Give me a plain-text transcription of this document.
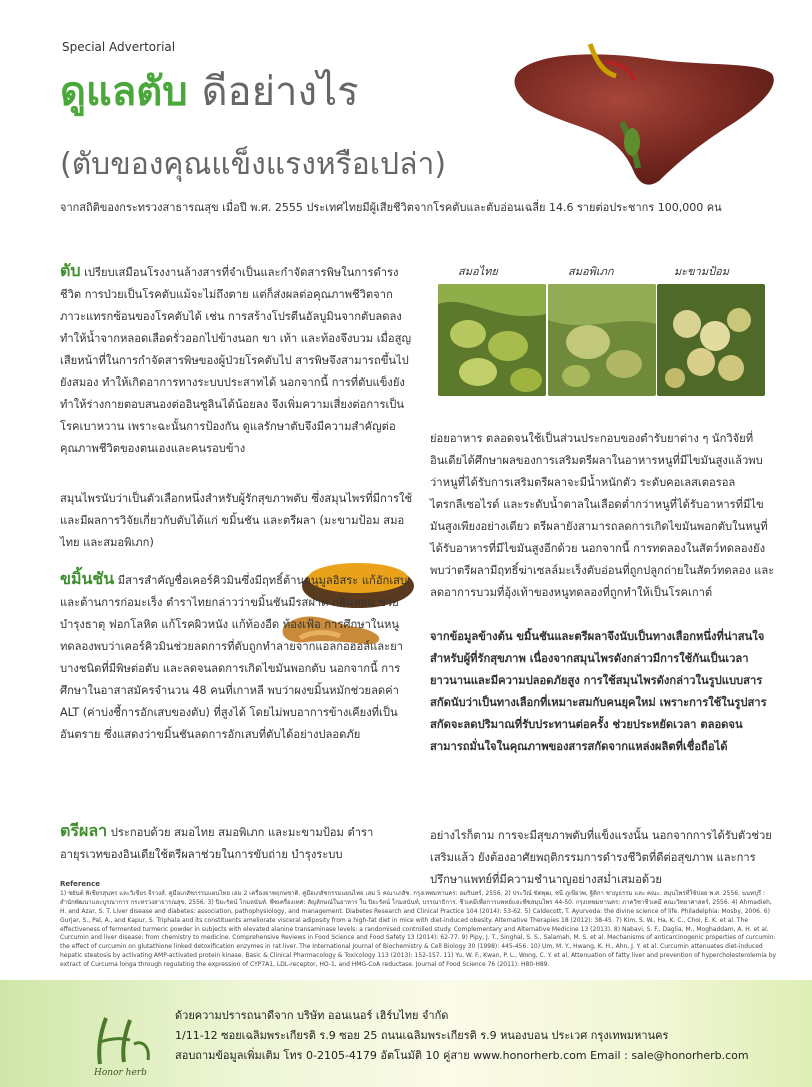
Special Advertorial
ดูแลตับ ดีอย่างไร
(ตับของคุณแข็งแรงหรือเปล่า)
จากสถิติของกระทรวงสาธารณสุข เมื่อปี พ.ศ. 2555 ประเทศไทยมีผู้เสียชีวิตจากโรคตับและตับอ่อนเฉลี่ย 14.6 รายต่อประชากร 100,000 คน
ตับ เปรียบเสมือนโรงงานล้างสารที่จำเป็นและกำจัดสารพิษในการดำรงชีวิต การป่วยเป็นโรคตับแม้จะไม่ถึงตาย แต่ก็ส่งผลต่อคุณภาพชีวิตจากภาวะแทรกซ้อนของโรคตับได้ เช่น การสร้างโปรตีนอัลบูมินจากตับลดลง ทำให้น้ำจากหลอดเลือดรั่วออกไปข้างนอก ขา เท้า และท้องจึงบวม เมื่อสูญเสียหน้าที่ในการกำจัดสารพิษของผู้ป่วยโรคตับไป สารพิษจึงสามารถขึ้นไปยังสมอง ทำให้เกิดอาการทางระบบประสาทได้ นอกจากนี้ การที่ตับแข็งยังทำให้ร่างกายตอบสนองต่ออินซูลินได้น้อยลง จึงเพิ่มความเสี่ยงต่อการเป็นโรคเบาหวาน เพราะฉะนั้นการป้องกัน ดูแลรักษาตับจึงมีความสำคัญต่อคุณภาพชีวิตของตนเองและคนรอบข้าง
สมุนไพรนับว่าเป็นตัวเลือกหนึ่งสำหรับผู้รักสุขภาพตับ ซึ่งสมุนไพรที่มีการใช้และมีผลการวิจัยเกี่ยวกับตับได้แก่ ขมิ้นชัน และตรีผลา (มะขามป้อม สมอไทย และสมอพิเภก)
ขมิ้นชัน มีสารสำคัญชื่อเคอร์คิวมินซึ่งมีฤทธิ์ต้านอนุมูลอิสระ แก้อักเสบและต้านการก่อมะเร็ง ตำราไทยกล่าวว่าขมิ้นชันมีรสฝาด กลิ่นหอม ช่วยบำรุงธาตุ ฟอกโลหิต แก้โรคผิวหนัง แก้ท้องอืด ท้องเฟ้อ การศึกษาในหนูทดลองพบว่าเคอร์คิวมินช่วยลดการที่ตับถูกทำลายจากแอลกอฮอล์และยาบางชนิดที่มีพิษต่อตับ และลดจนลดการเกิดไขมันพอกตับ นอกจากนี้ การศึกษาในอาสาสมัครจำนวน 48 คนที่เกาหลี พบว่าผงขมิ้นหมักช่วยลดค่า ALT (ค่าบ่งชี้การอักเสบของตับ) ที่สูงได้ โดยไม่พบอาการข้างเคียงที่เป็นอันตราย ซึ่งแสดงว่าขมิ้นชันลดการอักเสบที่ตับได้อย่างปลอดภัย
ตรีผลา ประกอบด้วย สมอไทย สมอพิเภก และมะขามป้อม ตำราอายุรเวทของอินเดียใช้ตรีผลาช่วยในการขับถ่าย บำรุงระบบ
สมอไทย	สมอพิเภก	มะขามป้อม
ย่อยอาหาร ตลอดจนใช้เป็นส่วนประกอบของตำรับยาต่าง ๆ นักวิจัยที่อินเดียได้ศึกษาผลของการเสริมตรีผลาในอาหารหนูที่มีไขมันสูงแล้วพบว่าหนูที่ได้รับการเสริมตรีผลาจะมีน้ำหนักตัว ระดับคอเลสเตอรอล ไตรกลีเซอไรด์ และระดับน้ำตาลในเลือดต่ำกว่าหนูที่ได้รับอาหารที่มีไขมันสูงเพียงอย่างเดียว ตรีผลายังสามารถลดการเกิดไขมันพอกตับในหนูที่ได้รับอาหารที่มีไขมันสูงอีกด้วย นอกจากนี้ การทดลองในสัตว์ทดลองยังพบว่าตรีผลามีฤทธิ์ฆ่าเซลล์มะเร็งตับอ่อนที่ถูกปลูกถ่ายในสัตว์ทดลอง และลดอาการบวมที่อุ้งเท้าของหนูทดลองที่ถูกทำให้เป็นโรคเกาต์
จากข้อมูลข้างต้น ขมิ้นชันและตรีผลาจึงนับเป็นทางเลือกหนึ่งที่น่าสนใจสำหรับผู้ที่รักสุขภาพ เนื่องจากสมุนไพรดังกล่าวมีการใช้กันเป็นเวลายาวนานและมีความปลอดภัยสูง การใช้สมุนไพรดังกล่าวในรูปแบบสารสกัดนับว่าเป็นทางเลือกที่เหมาะสมกับคนยุคใหม่ เพราะการใช้ในรูปสารสกัดจะลดปริมาณที่รับประทานต่อครั้ง ช่วยประหยัดเวลา ตลอดจนสามารถมั่นใจในคุณภาพของสารสกัดจากแหล่งผลิตที่เชื่อถือได้
อย่างไรก็ตาม การจะมีสุขภาพตับที่แข็งแรงนั้น นอกจากการได้รับตัวช่วยเสริมแล้ว ยังต้องอาศัยพฤติกรรมการดำรงชีวิตที่ดีต่อสุขภาพ และการปรึกษาแพทย์ที่มีความชำนาญอย่างสม่ำเสมอด้วย
Reference
1) ชยันต์ พิเชียรสุนทร และวิเชียร จีรวงส์. คู่มือเภสัชกรรมแผนไทย เล่ม 2 เครื่องยาพฤกษชาติ. คู่มือเภสัชกรรมแผนไทย เล่ม 5 คณาเภสัช. กรุงเทพมหานคร: อมรินทร์, 2556. 2) ประวีณ์ ขัตพุฒ, ชนี ภูเขียวพ, ฐิติกา ชาญธรรม และ คณะ. สมุนไพรที่ใช้บ่อย พ.ศ. 2556. นนทบุรี : สำนักพัฒนาและบูรณาการ กระทรวงสาธารณสุข, 2556. 3) ปิยะรัตน์ โกมลนันท์. พืชเครื่องเทศ: สัญลักษณ์ในอาหาร ใน ปิยะรัตน์ โกมลนันท์, บรรณาธิการ. ชีวเคมีเพื่อการแพทย์และพืชสมุนไพร 44-50. กรุงเทพมหานคร: ภาควิชาชีวเคมี คณะวิทยาศาสตร์, 2556. 4) Ahmadieh, H. and Azar, S. T. Liver disease and diabetes: association, pathophysiology, and management. Diabetes Research and Clinical Practice 104 (2014): 53-62. 5) Caldecott, T. Ayurveda: the divine science of life. Philadelphia: Mosby, 2006. 6) Gurjar, S., Pal, A., and Kapur, S. Triphala and its constituents ameliorate visceral adiposity from a high-fat diet in mice with diet-induced obesity. Alternative Therapies 18 (2012): 38-45. 7) Kim, S. W., Ha, K. C., Choi, E. K. et al. The effectiveness of fermented turmeric powder in subjects with elevated alanine transaminase levels: a randomised controlled study. Complementary and Alternative Medicine 13 (2013). 8) Nabavi, S. F., Daglia, M., Moghaddam, A. H. et al. Curcumin and liver disease: from chemistry to medicine. Comprehensive Reviews in Food Science and Food Safety 13 (2014): 62-77. 9) Pipy, J. T., Singhal, S. S., Salamah, M. S. et al. Mechanisms of anticarcinogenic properties of curcumin: the effect of curcumin on glutathione linked detoxification enzymes in rat liver. The International Journal of Biochemistry & Cell Biology 30 (1998): 445-456. 10) Um, M. Y., Hwang, K. H., Ahn, J. Y. et al. Curcumin attenuates diet-induced hepatic steatosis by activating AMP-activated protein kinase. Basic & Clinical Pharmacology & Toxicology 113 (2013): 152-157. 11) Yu, W. F., Kwan, P. L., Wong, C. Y. et al. Attenuation of fatty liver and prevention of hypercholesterolemia by extract of Curcuma longa through regulating the expression of CYP7A1, LDL-receptor, HO-1, and HMG-CoA reductase. Journal of Food Science 76 (2011): H80-H89.
Honor herb
ด้วยความปรารถนาดีจาก บริษัท ออนเนอร์ เฮิร์บไทย จำกัด
1/11-12 ซอยเฉลิมพระเกียรติ ร.9 ซอย 25 ถนนเฉลิมพระเกียรติ ร.9 หนองบอน ประเวศ กรุงเทพมหานคร
สอบถามข้อมูลเพิ่มเติม โทร 0-2105-4179 อัตโนมัติ 10 คู่สาย www.honorherb.com Email : sale@honorherb.com
